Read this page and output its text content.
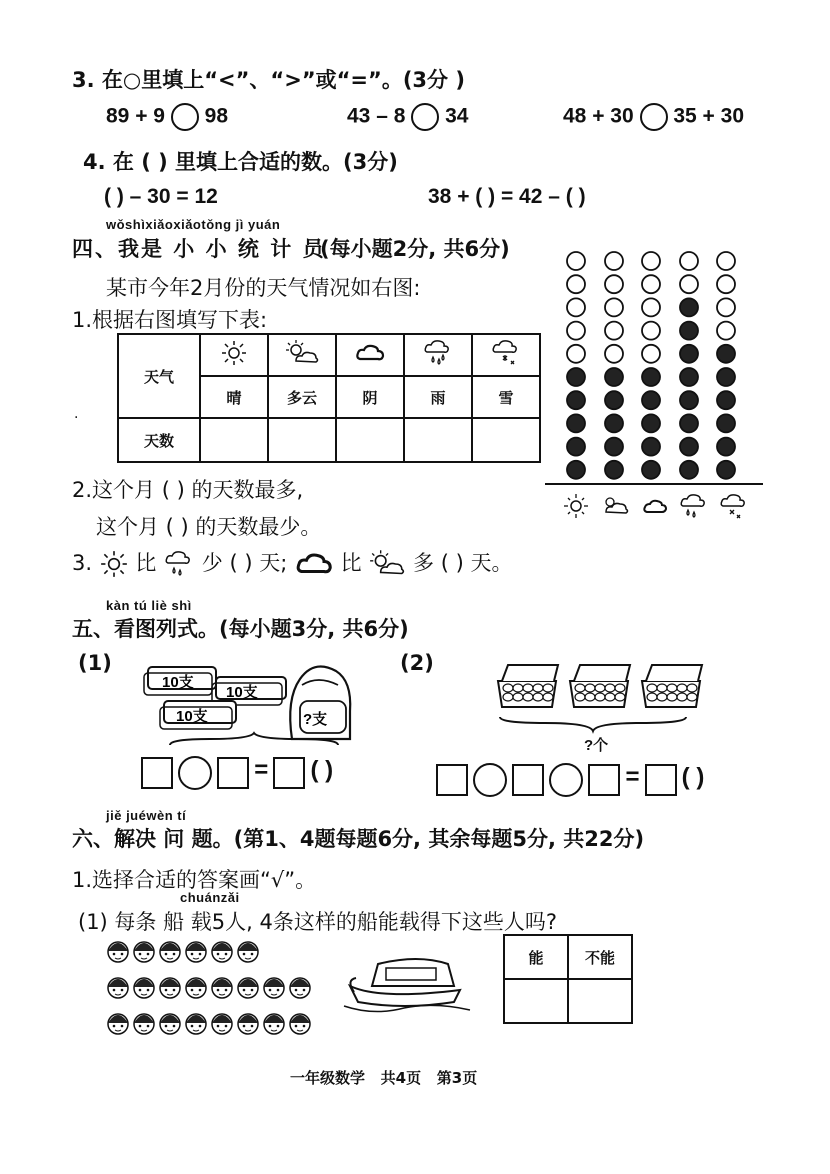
3. 在○里填上“<”、“>”或“=”。(3分 )
89 + 9 98	43 – 8 34	48 + 30 35 + 30
4. 在 ( ) 里填上合适的数。(3分)
( ) – 30 = 12	38 + ( ) = 42 – ( )
wǒshìxiǎoxiǎotǒng jì yuán
四、我是 小 小 统 计 员
(每小题2分, 共6分)
某市今年2月份的天气情况如右图:
1.根据右图填写下表:
天气					
	晴	多云	阴	雨	雪
天数					
·
2.这个月 ( ) 的天数最多,
这个月 ( ) 的天数最少。
3. 比 少 ( ) 天;	比 多 ( ) 天。
kàn tú liè shì
五、看图列式。(每小题3分, 共6分)
(1)
10支
10支
10支	?支
= ( )
(2)
?个
= ( )
jiě juéwèn tí
六、解决 问 题。(第1、4题每题6分, 其余每题5分, 共22分)
1.选择合适的答案画“√”。
chuánzǎi
(1) 每条 船 载5人, 4条这样的船能载得下这些人吗?
能	不能

一年级数学   共4页   第3页
